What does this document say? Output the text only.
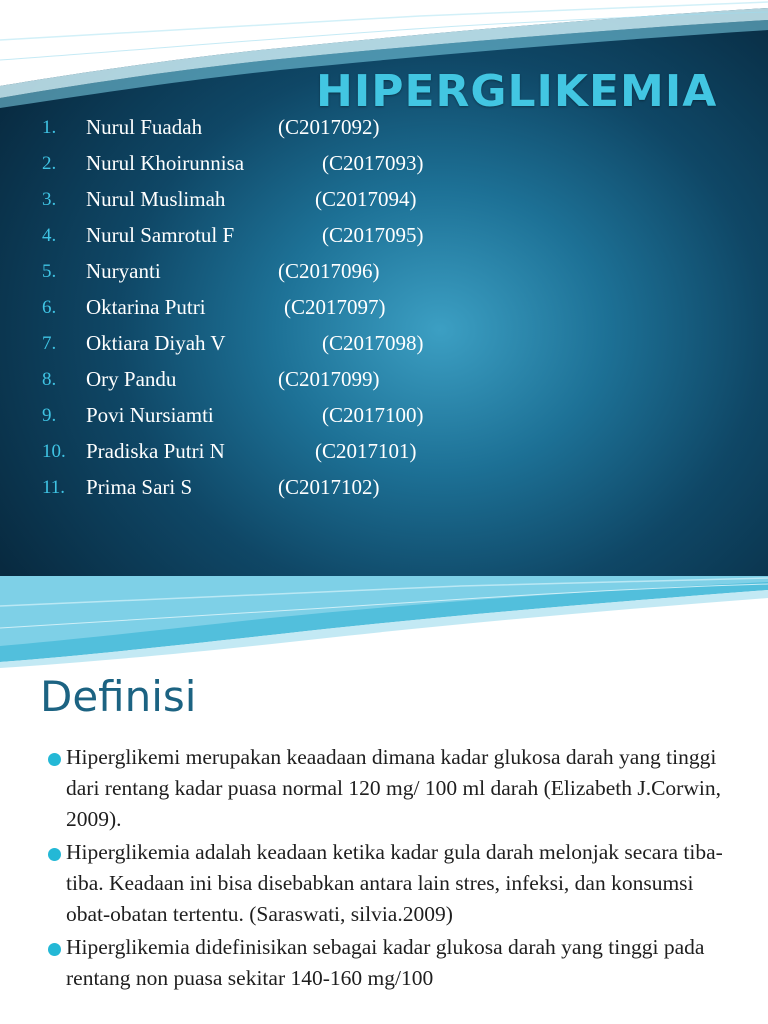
HIPERGLIKEMIA
1. Nurul Fuadah	(C2017092)
2. Nurul Khoirunnisa	(C2017093)
3. Nurul Muslimah	(C2017094)
4. Nurul Samrotul F	(C2017095)
5. Nuryanti	(C2017096)
6. Oktarina Putri	(C2017097)
7. Oktiara Diyah V	(C2017098)
8. Ory Pandu	(C2017099)
9. Povi Nursiamti	(C2017100)
10. Pradiska Putri N	(C2017101)
11. Prima Sari S	(C2017102)
Definisi
Hiperglikemi merupakan keaadaan dimana kadar glukosa darah yang tinggi dari rentang kadar puasa normal 120 mg/ 100 ml darah (Elizabeth J.Corwin, 2009).
Hiperglikemia adalah keadaan ketika kadar gula darah melonjak secara tiba-tiba. Keadaan ini bisa disebabkan antara lain stres, infeksi, dan konsumsi obat-obatan tertentu. (Saraswati, silvia.2009)
Hiperglikemia didefinisikan sebagai kadar glukosa darah yang tinggi pada rentang non puasa sekitar 140-160 mg/100
